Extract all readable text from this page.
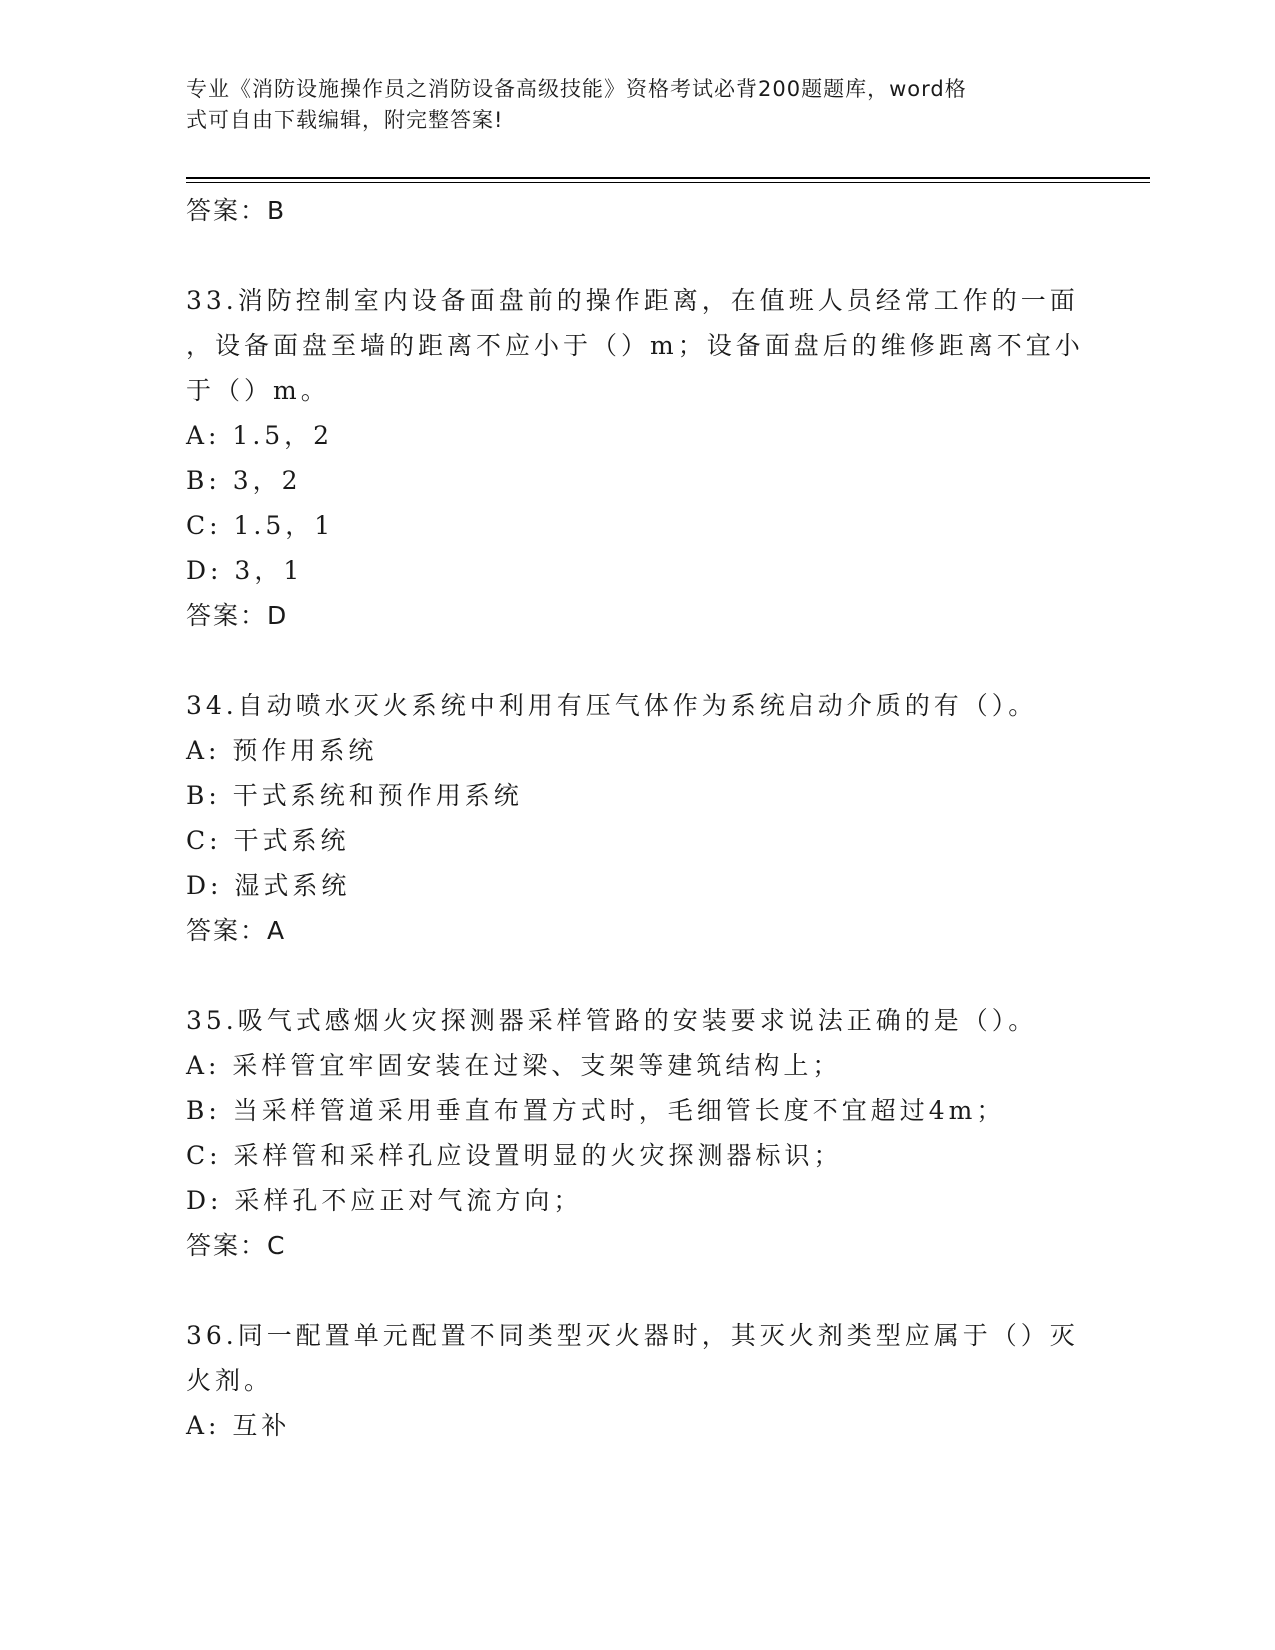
专业《消防设施操作员之消防设备高级技能》资格考试必背200题题库，word格
式可自由下载编辑，附完整答案!
答案：B
33.消防控制室内设备面盘前的操作距离，在值班人员经常工作的一面
，设备面盘至墙的距离不应小于（）m；设备面盘后的维修距离不宜小
于（）m。
A: 1.5，2
B: 3，2
C: 1.5，1
D: 3，1
答案：D
34.自动喷水灭火系统中利用有压气体作为系统启动介质的有（）。
A: 预作用系统
B: 干式系统和预作用系统
C: 干式系统
D: 湿式系统
答案：A
35.吸气式感烟火灾探测器采样管路的安装要求说法正确的是（）。
A: 采样管宜牢固安装在过梁、支架等建筑结构上；
B: 当采样管道采用垂直布置方式时，毛细管长度不宜超过4m；
C: 采样管和采样孔应设置明显的火灾探测器标识；
D: 采样孔不应正对气流方向；
答案：C
36.同一配置单元配置不同类型灭火器时，其灭火剂类型应属于（）灭
火剂。
A: 互补
